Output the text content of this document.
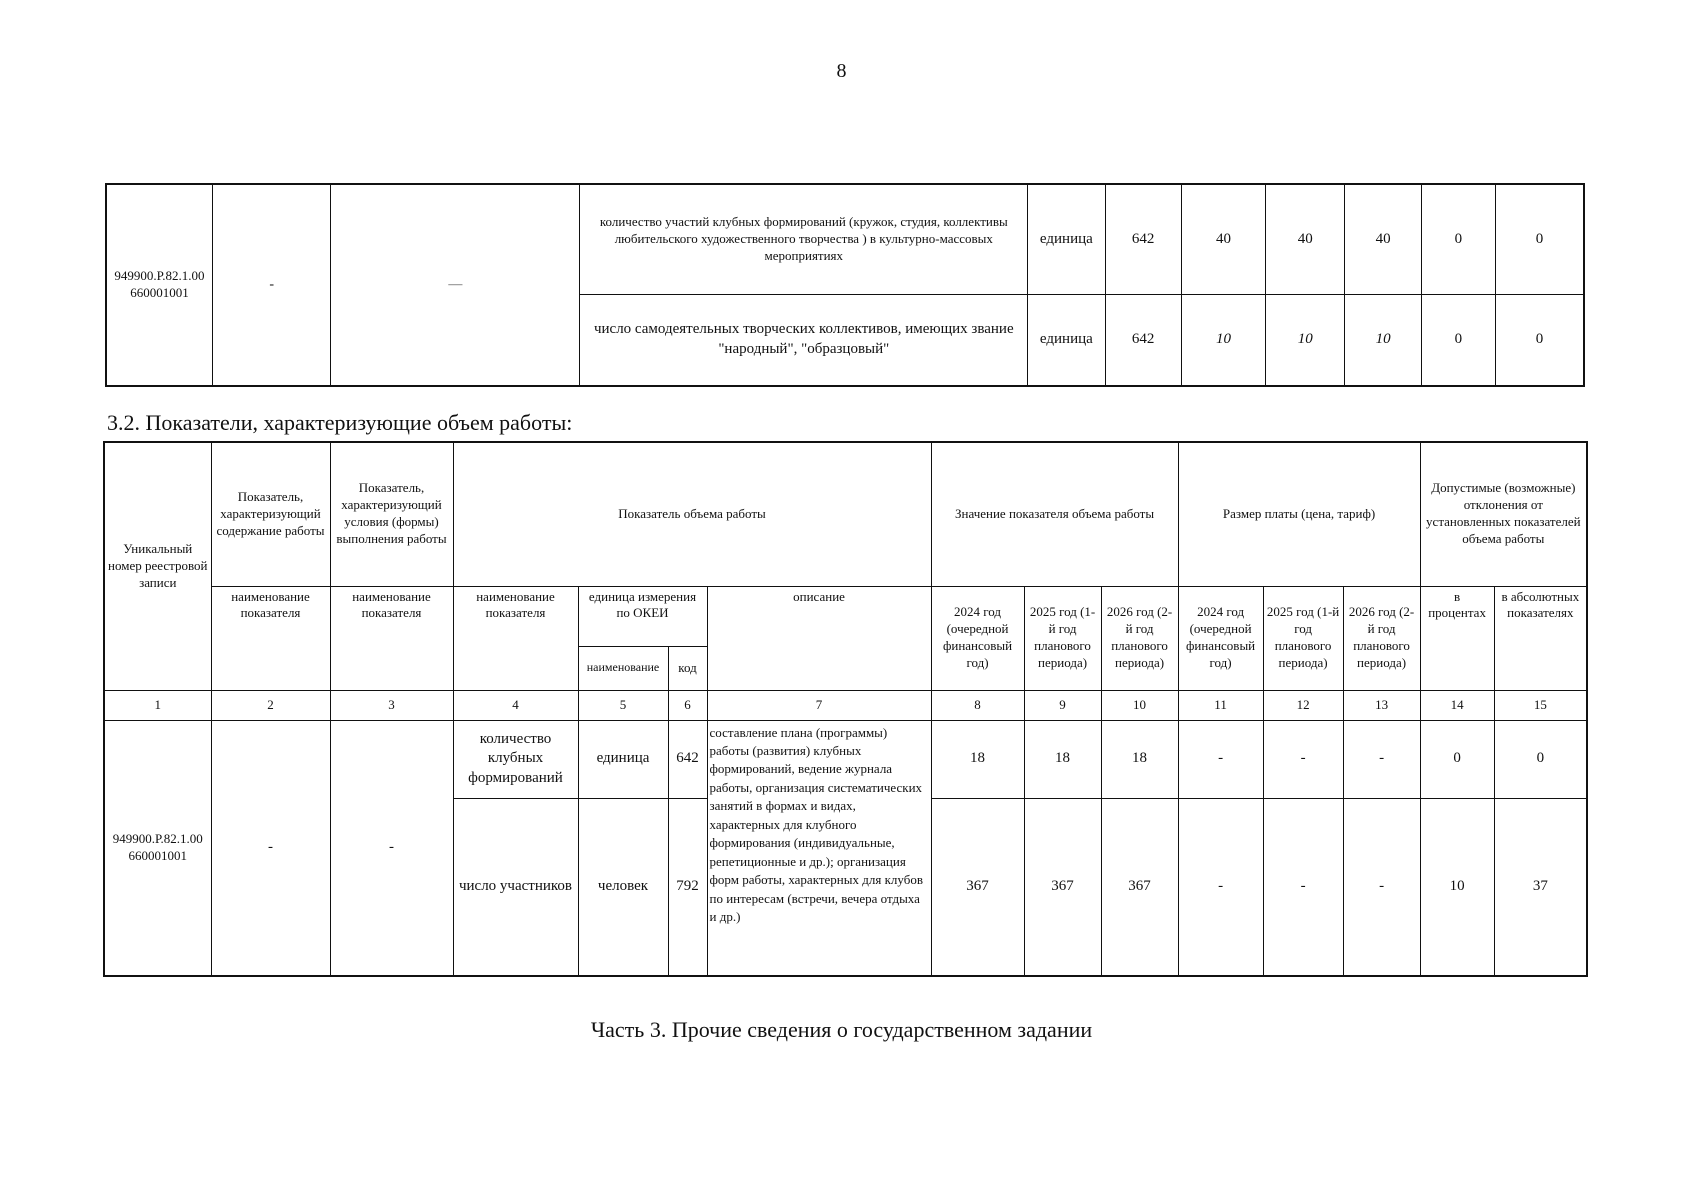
8
949900.Р.82.1.00 660001001	-	—	количество участий клубных формирований (кружок, студия, коллективы любительского художественного творчества ) в культурно-массовых мероприятиях	единица	642	40	40	40	0	0
			число самодеятельных творческих коллективов, имеющих звание "народный", "образцовый"	единица	642	10	10	10	0	0
3.2. Показатели, характеризующие объем работы:
Уникальный номер реестровой записи	Показатель, характеризующий содержание работы	Показатель, характеризующий условия (формы) выполнения работы	Показатель объема работы				Значение показателя объема работы			Размер платы (цена, тариф)			Допустимые (возможные) отклонения от установленных показателей объема работы	
	наименование показателя	наименование показателя	наименование показателя	единица измерения по ОКЕИ		описание	2024 год (очередной финансовый год)	2025 год (1-й год планового периода)	2026 год (2-й год планового периода)	2024 год (очередной финансовый год)	2025 год (1-й год планового периода)	2026 год (2-й год планового периода)	в процентах	в абсолютных показателях
				наименование	код									
1	2	3	4	5	6	7	8	9	10	11	12	13	14	15
949900.Р.82.1.00 660001001	-	-	количество клубных формирований	единица	642	составление плана (программы) работы (развития) клубных формирований, ведение журнала работы, организация систематических занятий в формах и видах, характерных для клубного формирования (индивидуальные, репетиционные и др.); организация форм работы, характерных для клубов по интересам (встречи, вечера отдыха и др.)	18	18	18	-	-	-	0	0
			число участников	человек	792		367	367	367	-	-	-	10	37
Часть 3. Прочие сведения о государственном задании
